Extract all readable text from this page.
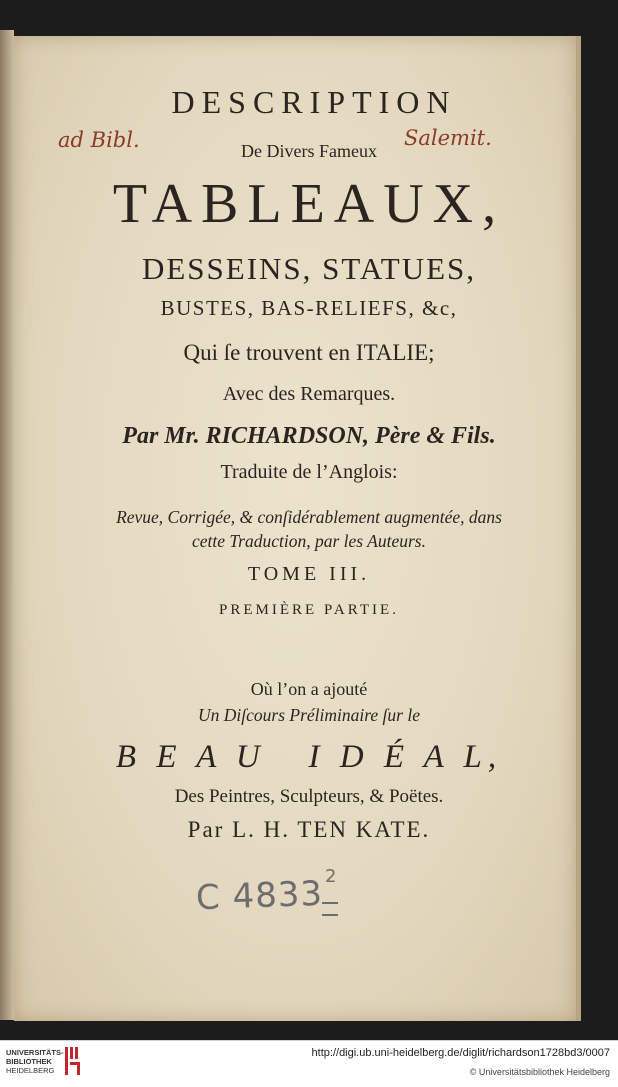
ad Bibl.	Salemit.
DESCRIPTION
De Divers Fameux
TABLEAUX,
DESSEINS, STATUES,
BUSTES, BAS-RELIEFS, &c,
Qui ſe trouvent en ITALIE;
Avec des Remarques.
Par Mr. RICHARDSON, Père & Fils.
Traduite de l’Anglois:
Revue, Corrigée, & conſidérablement augmentée, dans
cette Traduction, par les Auteurs.
TOME III.
PREMIÈRE PARTIE.
Où l’on a ajouté
Un Diſcours Préliminaire ſur le
B E A U   I D É A L,
Des Peintres, Sculpteurs, & Poëtes.
Par L. H. TEN KATE.
C 4833 2
UNIVERSITÄTS-
BIBLIOTHEK
HEIDELBERG
http://digi.ub.uni-heidelberg.de/diglit/richardson1728bd3/0007
© Universitätsbibliothek Heidelberg
